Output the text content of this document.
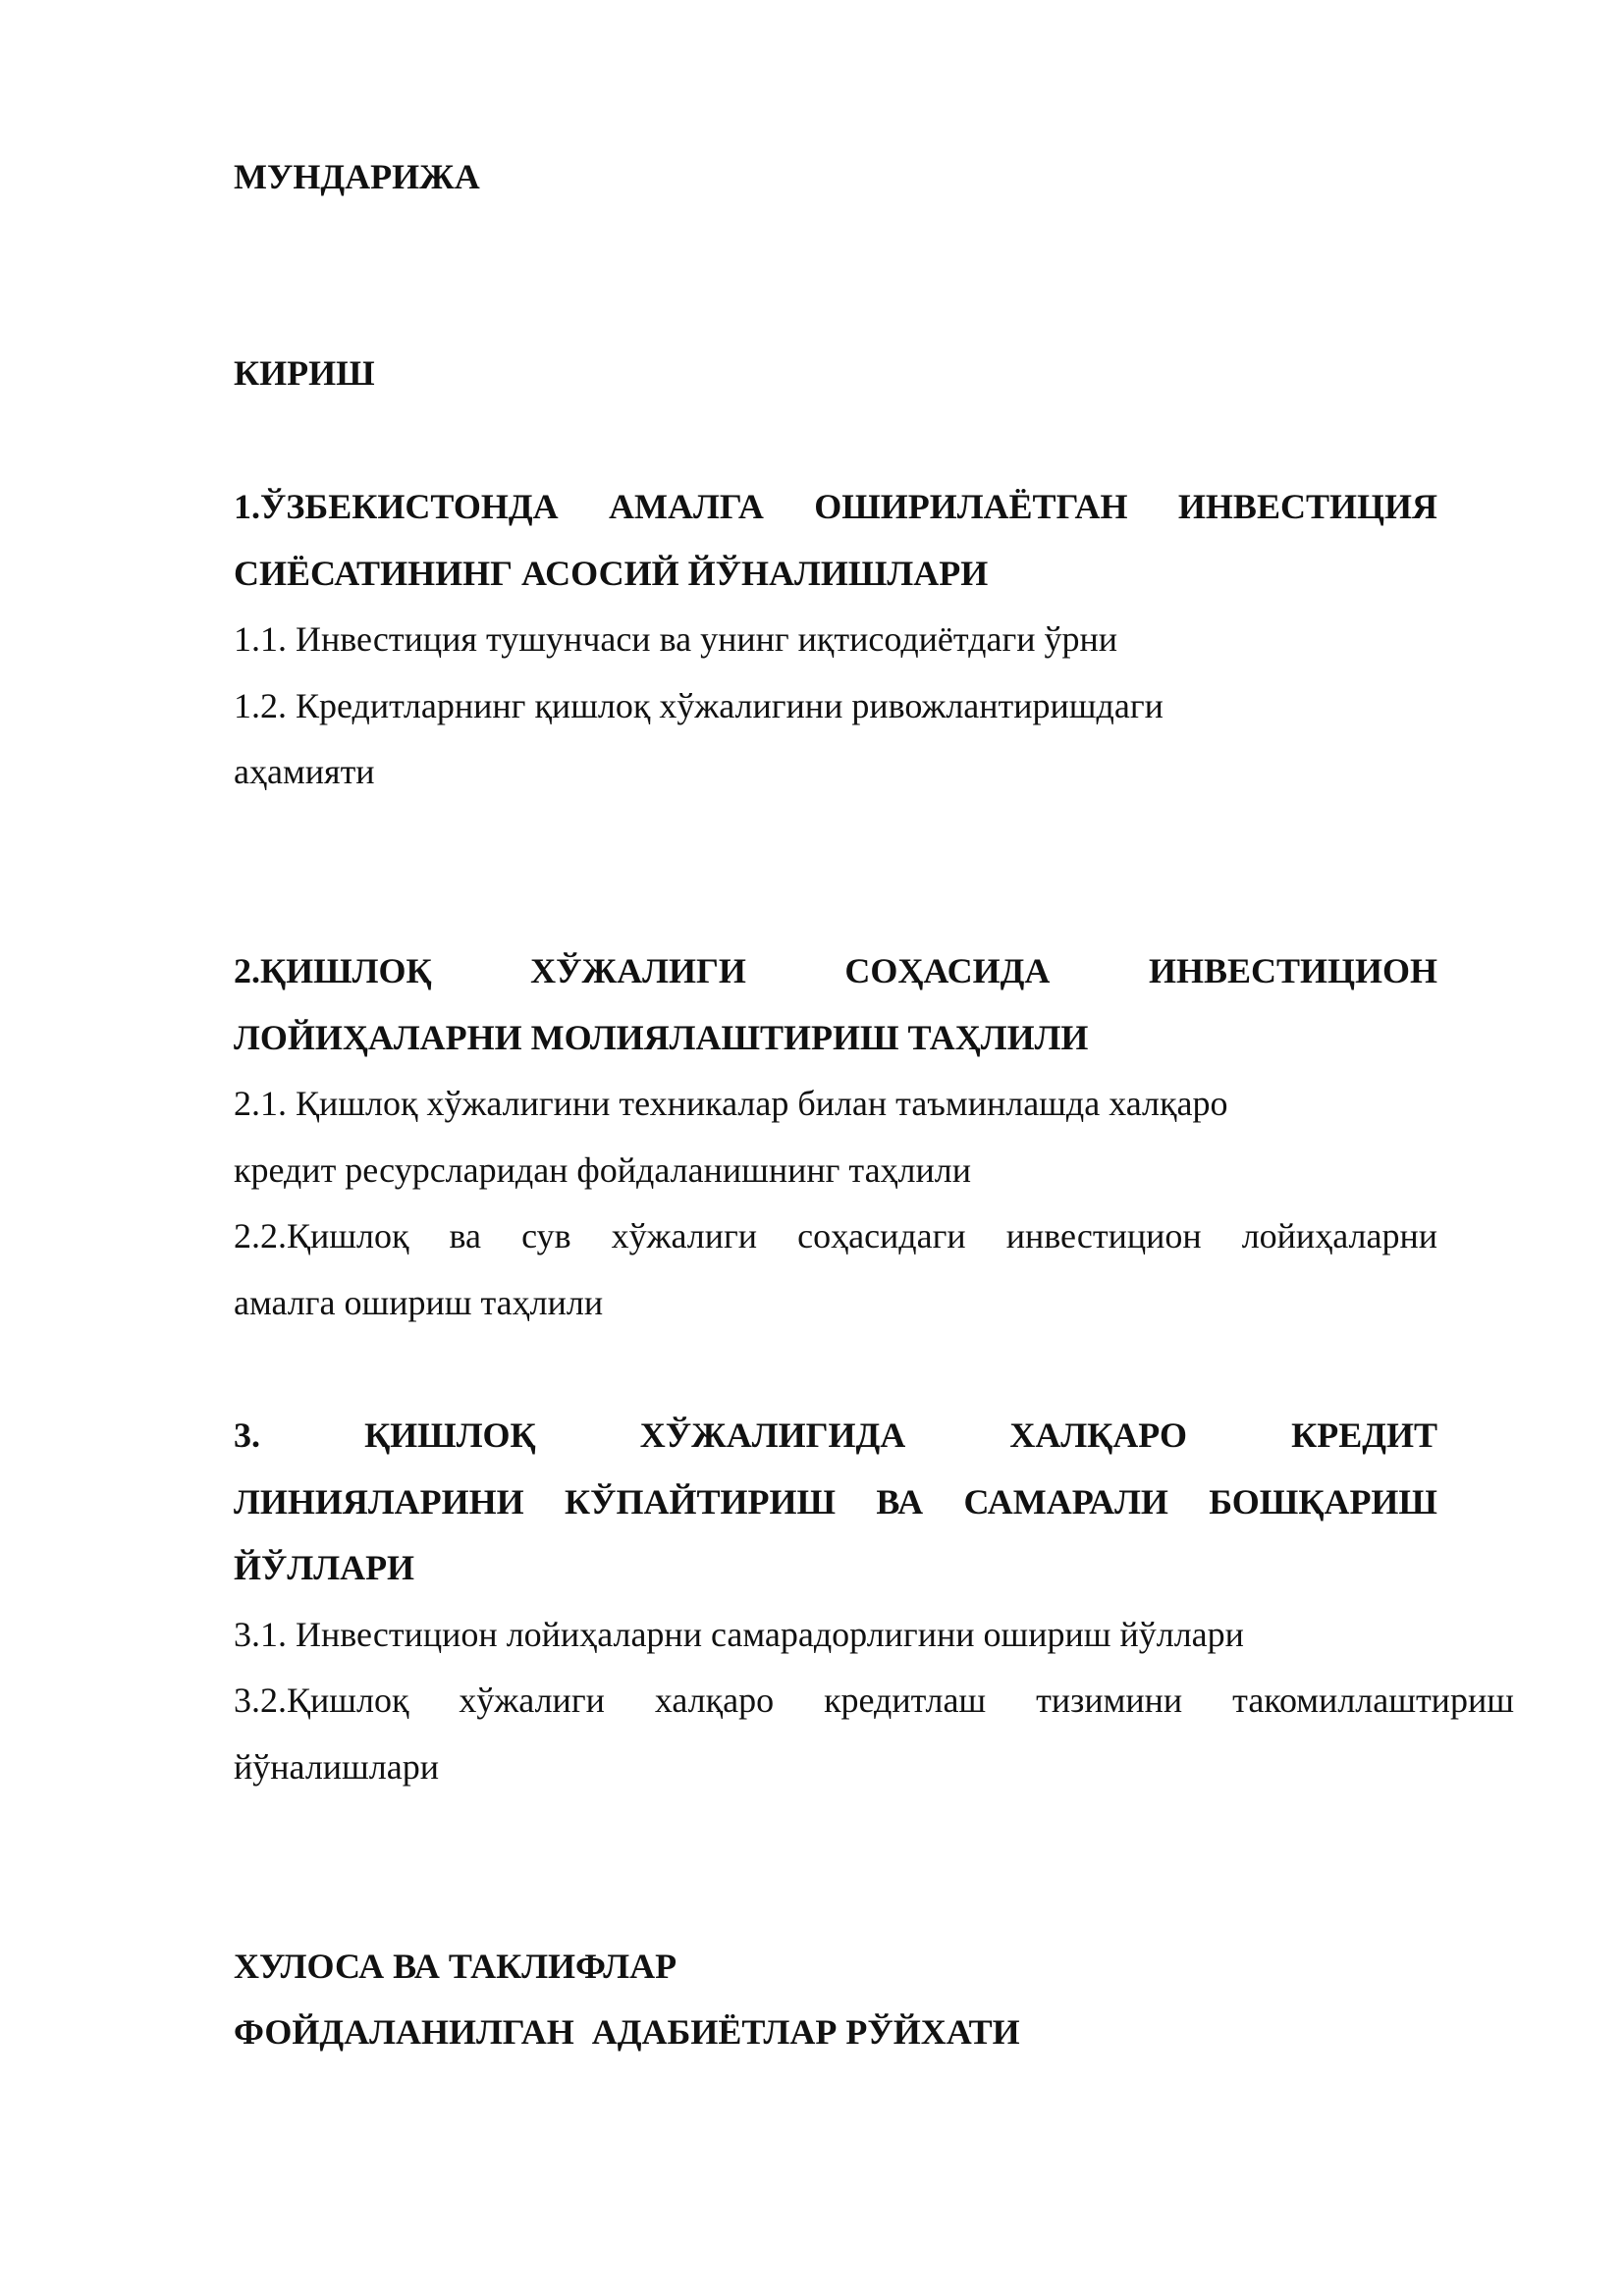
МУНДАРИЖА
КИРИШ
1.ЎЗБЕКИСТОНДА АМАЛГА ОШИРИЛАЁТГАН ИНВЕСТИЦИЯ
СИЁСАТИНИНГ АСОСИЙ ЙЎНАЛИШЛАРИ
1.1. Инвестиция тушунчаси ва унинг иқтисодиётдаги ўрни
1.2. Кредитларнинг қишлоқ хўжалигини ривожлантиришдаги
аҳамияти
2.ҚИШЛОҚ	ХЎЖАЛИГИ	СОҲАСИДА	ИНВЕСТИЦИОН
ЛОЙИҲАЛАРНИ МОЛИЯЛАШТИРИШ ТАҲЛИЛИ
2.1. Қишлоқ хўжалигини техникалар билан таъминлашда халқаро
кредит ресурсларидан фойдаланишнинг таҳлили
2.2.Қишлоқ ва сув хўжалиги соҳасидаги инвестицион лойиҳаларни
амалга ошириш таҳлили
3.	ҚИШЛОҚ	ХЎЖАЛИГИДА	ХАЛҚАРО	КРЕДИТ
ЛИНИЯЛАРИНИ КЎПАЙТИРИШ ВА САМАРАЛИ БОШҚАРИШ
ЙЎЛЛАРИ
3.1. Инвестицион лойиҳаларни самарадорлигини ошириш йўллари
3.2.Қишлоқ хўжалиги халқаро кредитлаш тизимини такомиллаштириш
йўналишлари
ХУЛОСА ВА ТАКЛИФЛАР
ФОЙДАЛАНИЛГАН  АДАБИЁТЛАР РЎЙХАТИ
